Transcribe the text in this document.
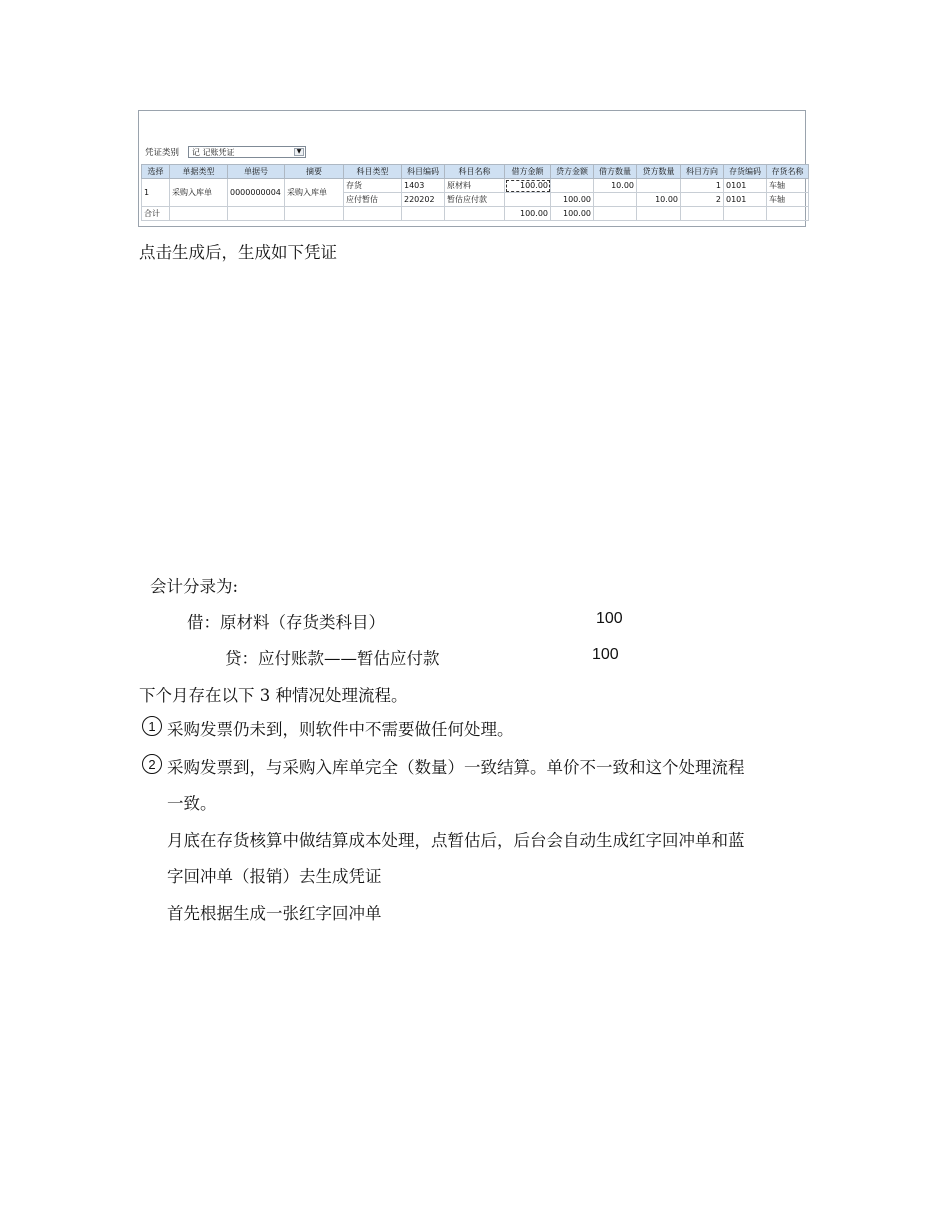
凭证类别 记 记账凭证	▼
选择	单据类型	单据号	摘要	科目类型	科目编码	科目名称	借方金额	贷方金额	借方数量	贷方数量	科目方向	存货编码	存货名称
1	采购入库单	0000000004	采购入库单	存货	1403	原材料	100.00		10.00		1	0101	车轴
				应付暂估	220202	暂估应付款		100.00		10.00	2	0101	车轴
合计							100.00	100.00					
点击生成后，生成如下凭证
会计分录为:
借：原材料（存货类科目）	100
贷：应付账款——暂估应付款	100
下个月存在以下 3 种情况处理流程。
1 采购发票仍未到，则软件中不需要做任何处理。
2 采购发票到，与采购入库单完全（数量）一致结算。单价不一致和这个处理流程
一致。
月底在存货核算中做结算成本处理，点暂估后，后台会自动生成红字回冲单和蓝
字回冲单（报销）去生成凭证
首先根据生成一张红字回冲单
